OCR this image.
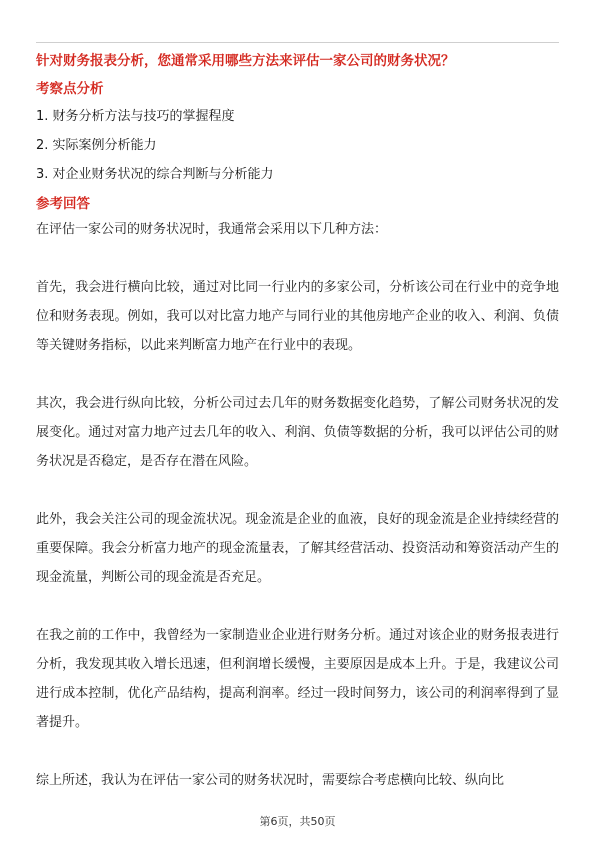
针对财务报表分析，您通常采用哪些方法来评估一家公司的财务状况？

考察点分析

1. 财务分析方法与技巧的掌握程度
2. 实际案例分析能力
3. 对企业财务状况的综合判断与分析能力

参考回答

在评估一家公司的财务状况时，我通常会采用以下几种方法：

首先，我会进行横向比较，通过对比同一行业内的多家公司，分析该公司在行业中的竞争地位和财务表现。例如，我可以对比富力地产与同行业的其他房地产企业的收入、利润、负债等关键财务指标，以此来判断富力地产在行业中的表现。

其次，我会进行纵向比较，分析公司过去几年的财务数据变化趋势，了解公司财务状况的发展变化。通过对富力地产过去几年的收入、利润、负债等数据的分析，我可以评估公司的财务状况是否稳定，是否存在潜在风险。

此外，我会关注公司的现金流状况。现金流是企业的血液，良好的现金流是企业持续经营的重要保障。我会分析富力地产的现金流量表，了解其经营活动、投资活动和筹资活动产生的现金流量，判断公司的现金流是否充足。

在我之前的工作中，我曾经为一家制造业企业进行财务分析。通过对该企业的财务报表进行分析，我发现其收入增长迅速，但利润增长缓慢，主要原因是成本上升。于是，我建议公司进行成本控制，优化产品结构，提高利润率。经过一段时间努力，该公司的利润率得到了显著提升。

综上所述，我认为在评估一家公司的财务状况时，需要综合考虑横向比较、纵向比

第6页，共50页
